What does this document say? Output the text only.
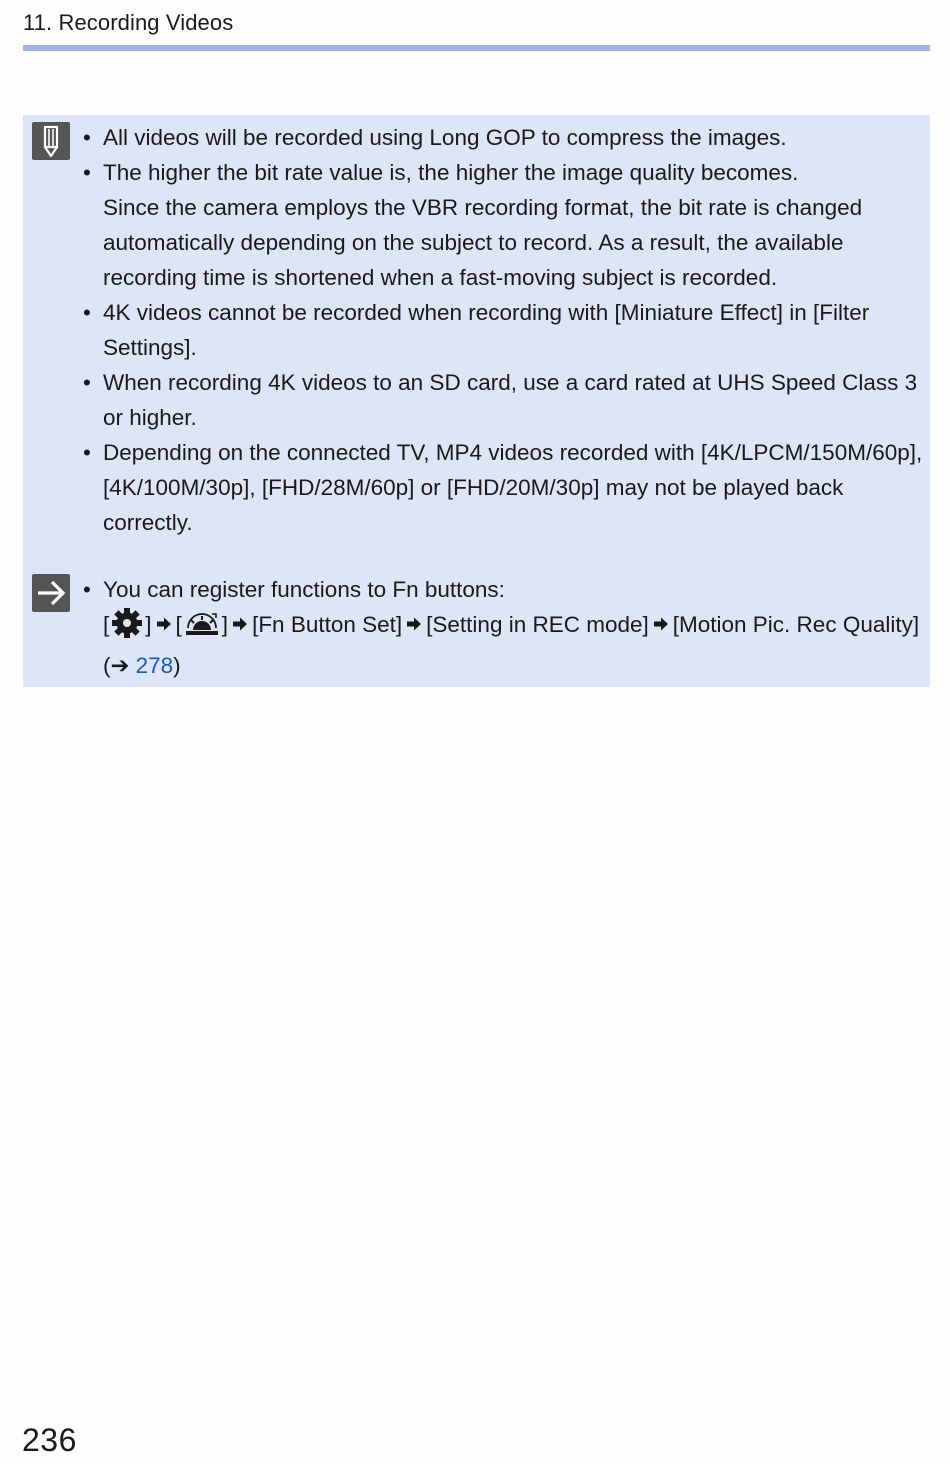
11. Recording Videos
• All videos will be recorded using Long GOP to compress the images.
• The higher the bit rate value is, the higher the image quality becomes.
Since the camera employs the VBR recording format, the bit rate is changed automatically depending on the subject to record. As a result, the available recording time is shortened when a fast-moving subject is recorded.
• 4K videos cannot be recorded when recording with [Miniature Effect] in [Filter Settings].
• When recording 4K videos to an SD card, use a card rated at UHS Speed Class 3 or higher.
• Depending on the connected TV, MP4 videos recorded with [4K/LPCM/150M/60p], [4K/100M/30p], [FHD/28M/60p] or [FHD/20M/30p] may not be played back correctly.
• You can register functions to Fn buttons:
[ ] [ ] [Fn Button Set] [Setting in REC mode] [Motion Pic. Rec Quality] (➔ 278)
236
